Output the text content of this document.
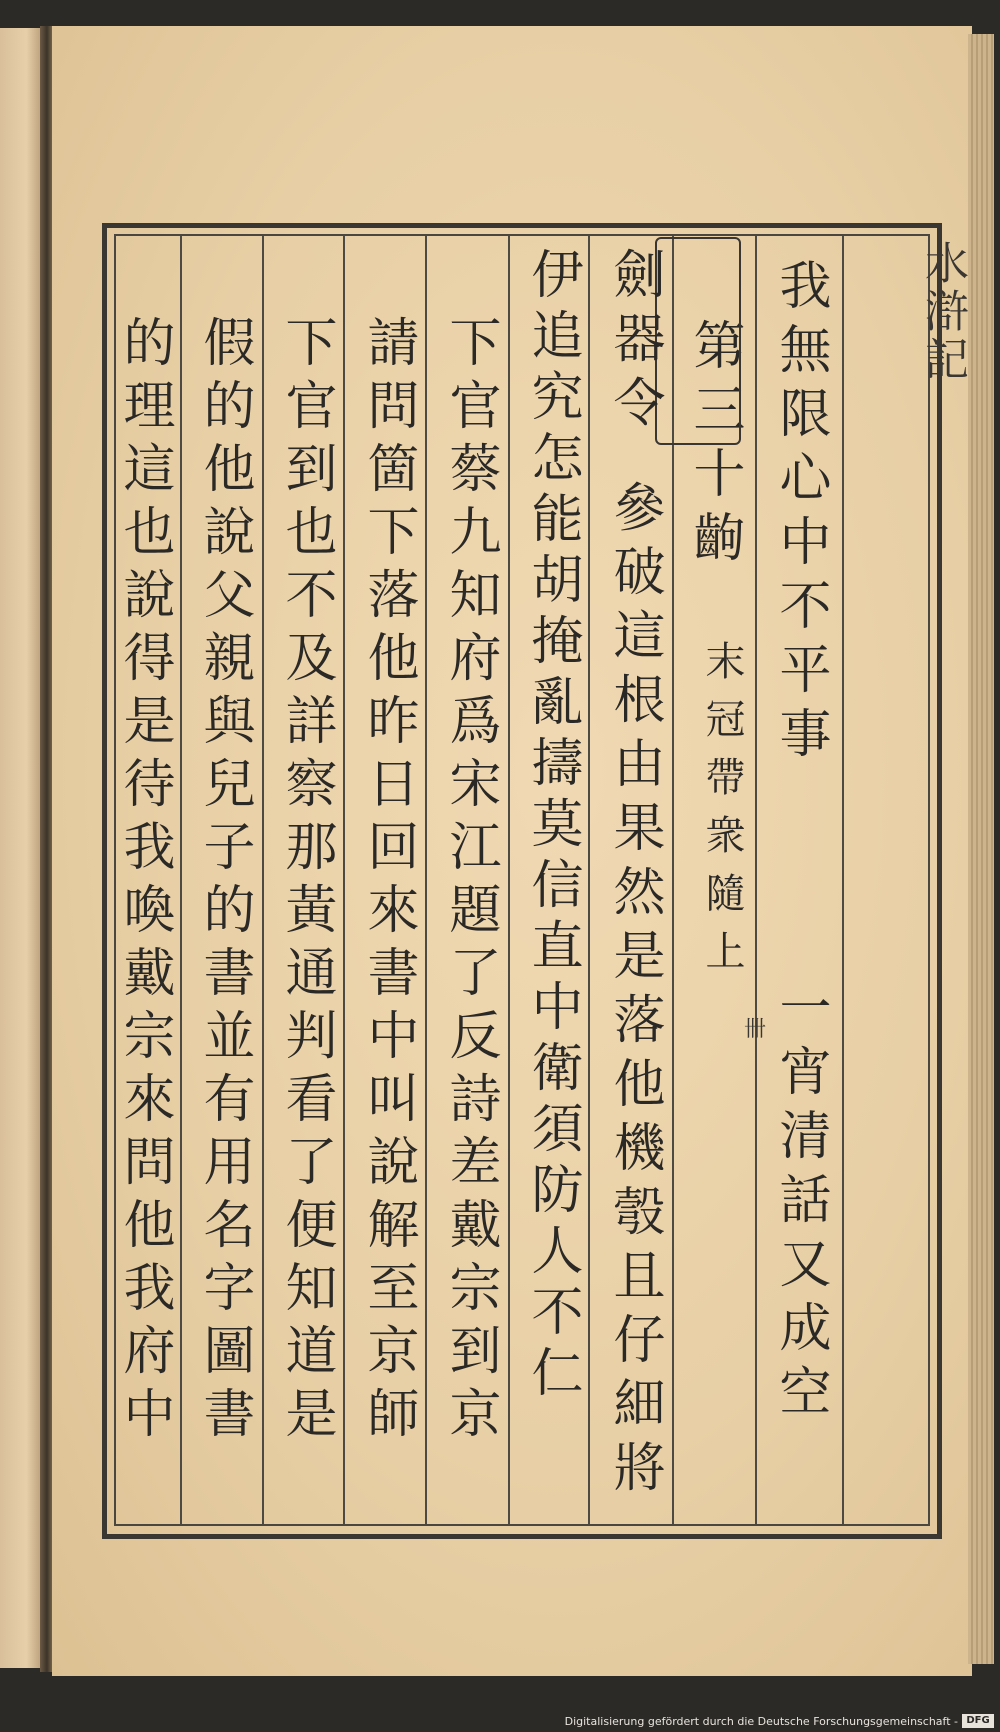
水滸記
我無限心中不平事
一宵清話又成空
第三十齣
末冠帶衆隨上
卌
劍器令
參破這根由果然是落他機彀且仔細將
伊追究怎能胡掩亂擣莫信直中衛須防人不仁
下官蔡九知府爲宋江題了反詩差戴宗到京
請問箇下落他昨日回來書中叫說解至京師
下官到也不及詳察那黃通判看了便知道是
假的他說父親與兒子的書並有用名字圖書
的理這也說得是待我喚戴宗來問他我府中
Digitalisierung gefördert durch die Deutsche Forschungsgemeinschaft - DFG
